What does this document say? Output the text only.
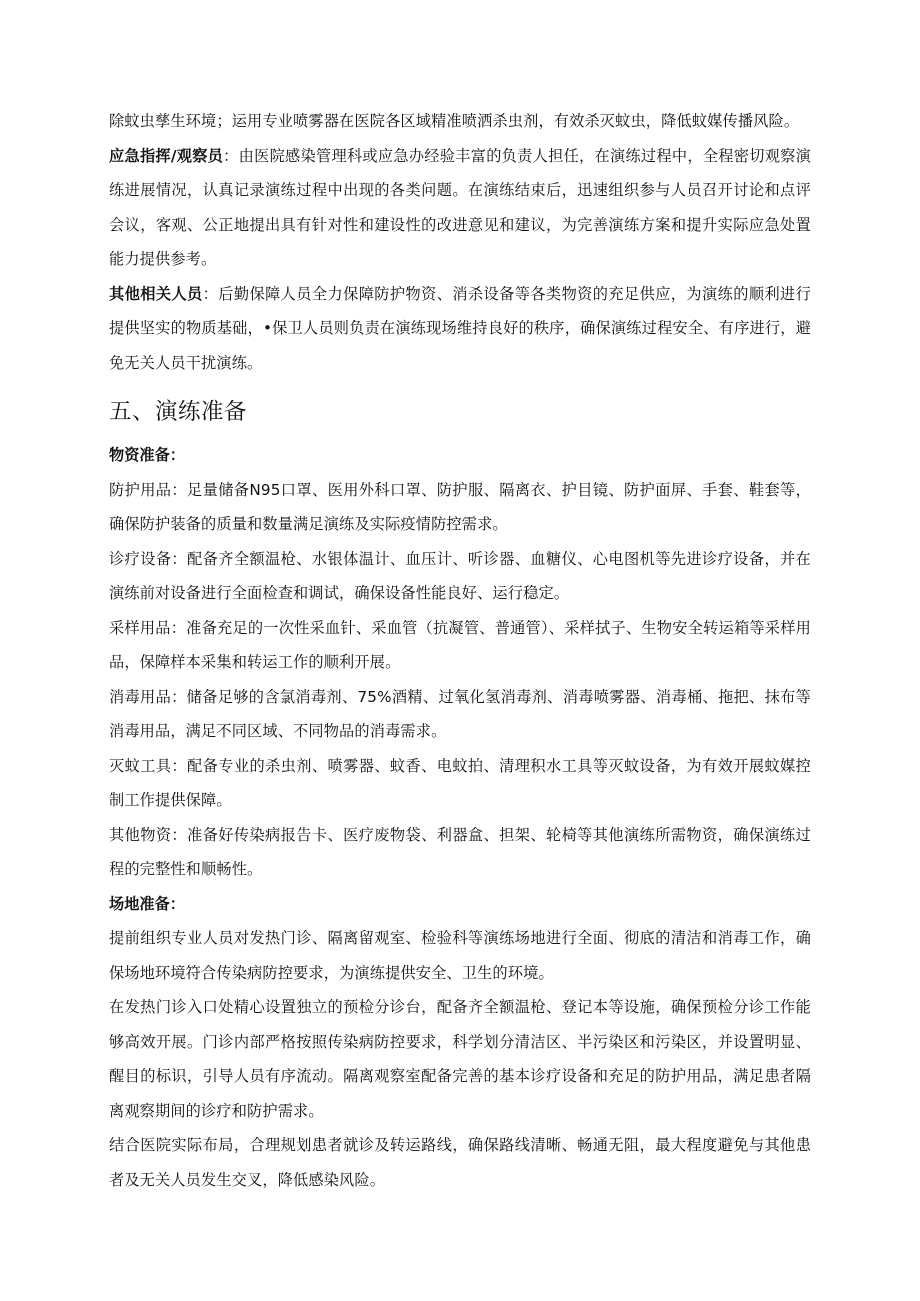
除蚊虫孳生环境；运用专业喷雾器在医院各区域精准喷洒杀虫剂，有效杀灭蚊虫，降低蚊媒传播风险。

应急指挥/观察员：由医院感染管理科或应急办经验丰富的负责人担任，在演练过程中，全程密切观察演练进展情况，认真记录演练过程中出现的各类问题。在演练结束后，迅速组织参与人员召开讨论和点评会议，客观、公正地提出具有针对性和建设性的改进意见和建议，为完善演练方案和提升实际应急处置能力提供参考。

其他相关人员：后勤保障人员全力保障防护物资、消杀设备等各类物资的充足供应，为演练的顺利进行提供坚实的物质基础，•保卫人员则负责在演练现场维持良好的秩序，确保演练过程安全、有序进行，避免无关人员干扰演练。

五、演练准备

物资准备：

防护用品：足量储备N95口罩、医用外科口罩、防护服、隔离衣、护目镜、防护面屏、手套、鞋套等，确保防护装备的质量和数量满足演练及实际疫情防控需求。

诊疗设备：配备齐全额温枪、水银体温计、血压计、听诊器、血糖仪、心电图机等先进诊疗设备，并在演练前对设备进行全面检查和调试，确保设备性能良好、运行稳定。

采样用品：准备充足的一次性采血针、采血管（抗凝管、普通管）、采样拭子、生物安全转运箱等采样用品，保障样本采集和转运工作的顺利开展。

消毒用品：储备足够的含氯消毒剂、75%酒精、过氧化氢消毒剂、消毒喷雾器、消毒桶、拖把、抹布等消毒用品，满足不同区域、不同物品的消毒需求。

灭蚊工具：配备专业的杀虫剂、喷雾器、蚊香、电蚊拍、清理积水工具等灭蚊设备，为有效开展蚊媒控制工作提供保障。

其他物资：准备好传染病报告卡、医疗废物袋、利器盒、担架、轮椅等其他演练所需物资，确保演练过程的完整性和顺畅性。

场地准备：

提前组织专业人员对发热门诊、隔离留观室、检验科等演练场地进行全面、彻底的清洁和消毒工作，确保场地环境符合传染病防控要求，为演练提供安全、卫生的环境。

在发热门诊入口处精心设置独立的预检分诊台，配备齐全额温枪、登记本等设施，确保预检分诊工作能够高效开展。门诊内部严格按照传染病防控要求，科学划分清洁区、半污染区和污染区，并设置明显、醒目的标识，引导人员有序流动。隔离观察室配备完善的基本诊疗设备和充足的防护用品，满足患者隔离观察期间的诊疗和防护需求。

结合医院实际布局，合理规划患者就诊及转运路线，确保路线清晰、畅通无阻，最大程度避免与其他患者及无关人员发生交叉，降低感染风险。
